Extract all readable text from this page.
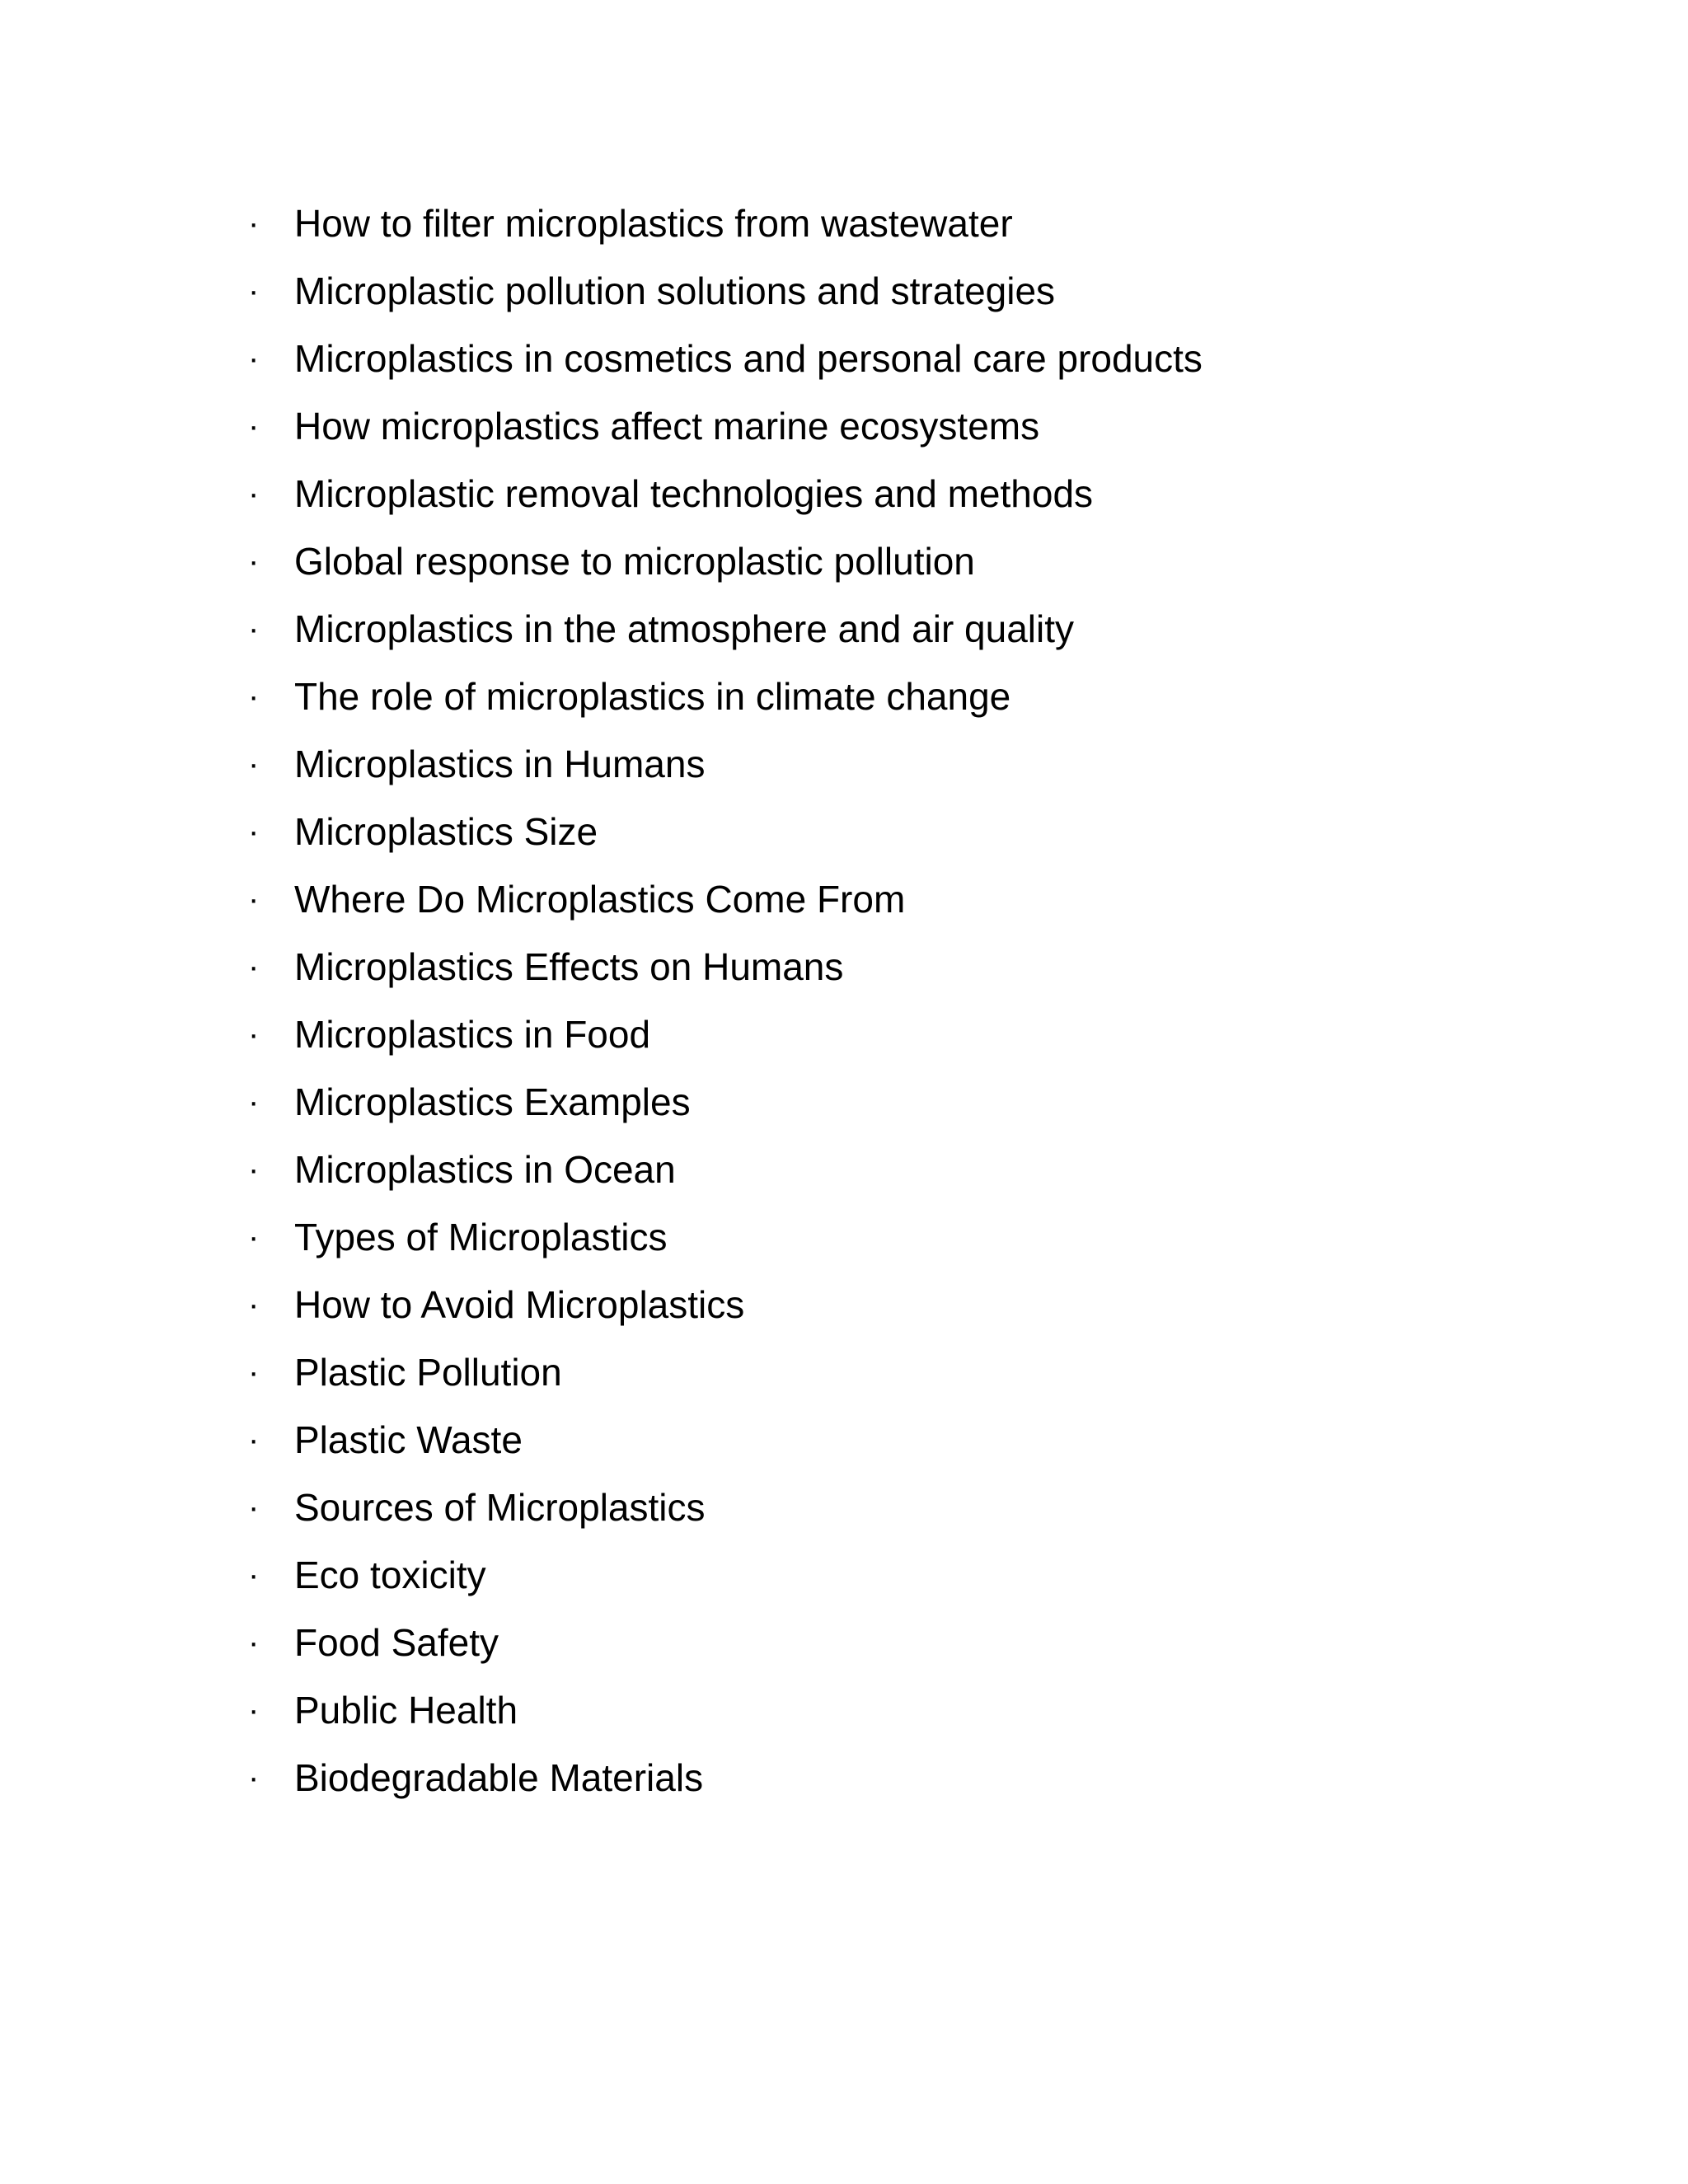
· How to filter microplastics from wastewater
· Microplastic pollution solutions and strategies
· Microplastics in cosmetics and personal care products
· How microplastics affect marine ecosystems
· Microplastic removal technologies and methods
· Global response to microplastic pollution
· Microplastics in the atmosphere and air quality
· The role of microplastics in climate change
· Microplastics in Humans
· Microplastics Size
· Where Do Microplastics Come From
· Microplastics Effects on Humans
· Microplastics in Food
· Microplastics Examples
· Microplastics in Ocean
· Types of Microplastics
· How to Avoid Microplastics
· Plastic Pollution
· Plastic Waste
· Sources of Microplastics
· Eco toxicity
· Food Safety
· Public Health
· Biodegradable Materials
